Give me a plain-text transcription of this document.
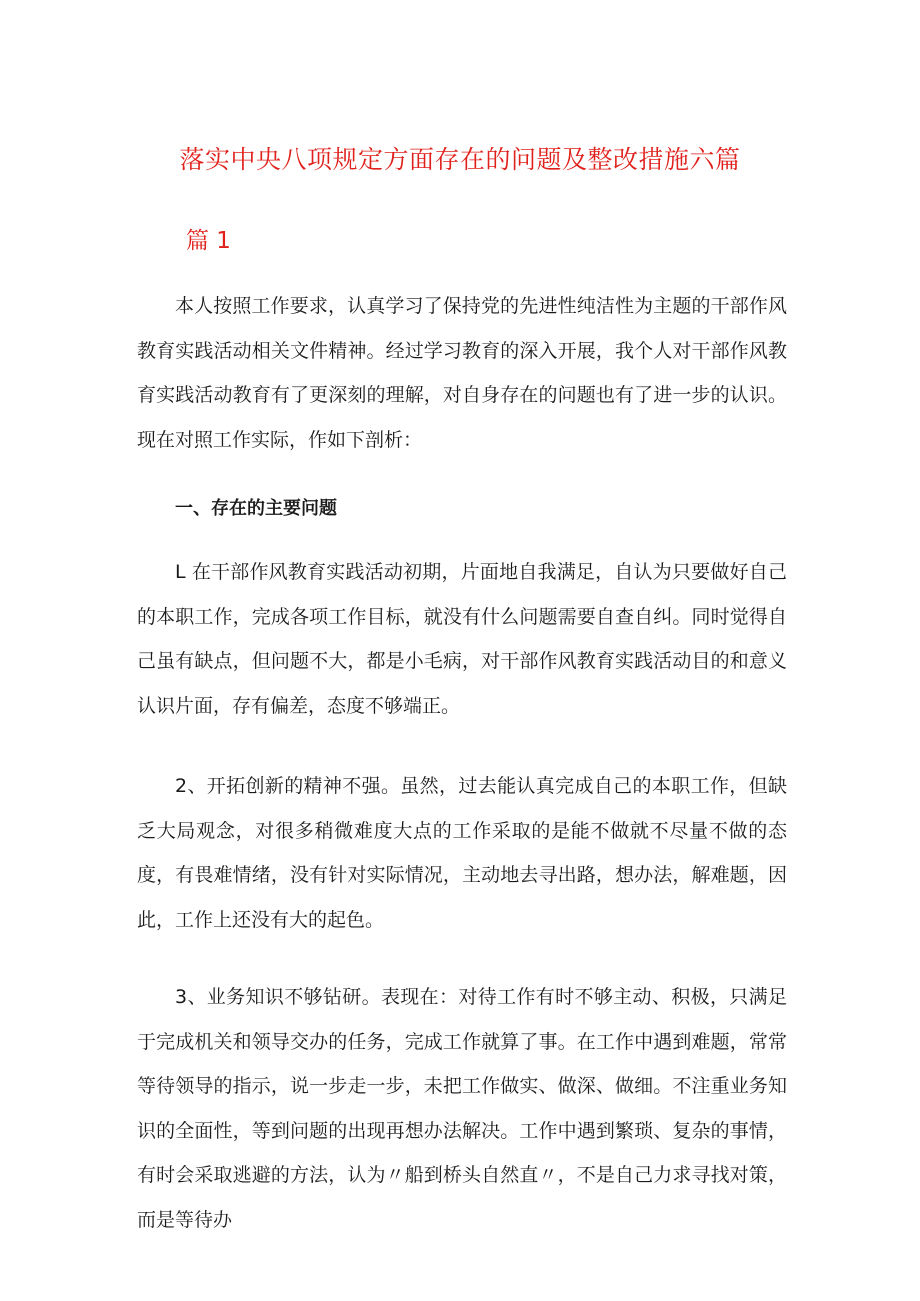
落实中央八项规定方面存在的问题及整改措施六篇
篇 1

本人按照工作要求，认真学习了保持党的先进性纯洁性为主题的干部作风教育实践活动相关文件精神。经过学习教育的深入开展，我个人对干部作风教育实践活动教育有了更深刻的理解，对自身存在的问题也有了进一步的认识。现在对照工作实际，作如下剖析：

一、存在的主要问题

L 在干部作风教育实践活动初期，片面地自我满足，自认为只要做好自己的本职工作，完成各项工作目标，就没有什么问题需要自查自纠。同时觉得自己虽有缺点，但问题不大，都是小毛病，对干部作风教育实践活动目的和意义认识片面，存有偏差，态度不够端正。

2、开拓创新的精神不强。虽然，过去能认真完成自己的本职工作，但缺乏大局观念，对很多稍微难度大点的工作采取的是能不做就不尽量不做的态度，有畏难情绪，没有针对实际情况，主动地去寻出路，想办法，解难题，因此，工作上还没有大的起色。

3、业务知识不够钻研。表现在：对待工作有时不够主动、积极，只满足于完成机关和领导交办的任务，完成工作就算了事。在工作中遇到难题，常常等待领导的指示，说一步走一步，未把工作做实、做深、做细。不注重业务知识的全面性，等到问题的出现再想办法解决。工作中遇到繁琐、复杂的事情，有时会采取逃避的方法，认为〃船到桥头自然直〃，不是自己力求寻找对策，而是等待办
